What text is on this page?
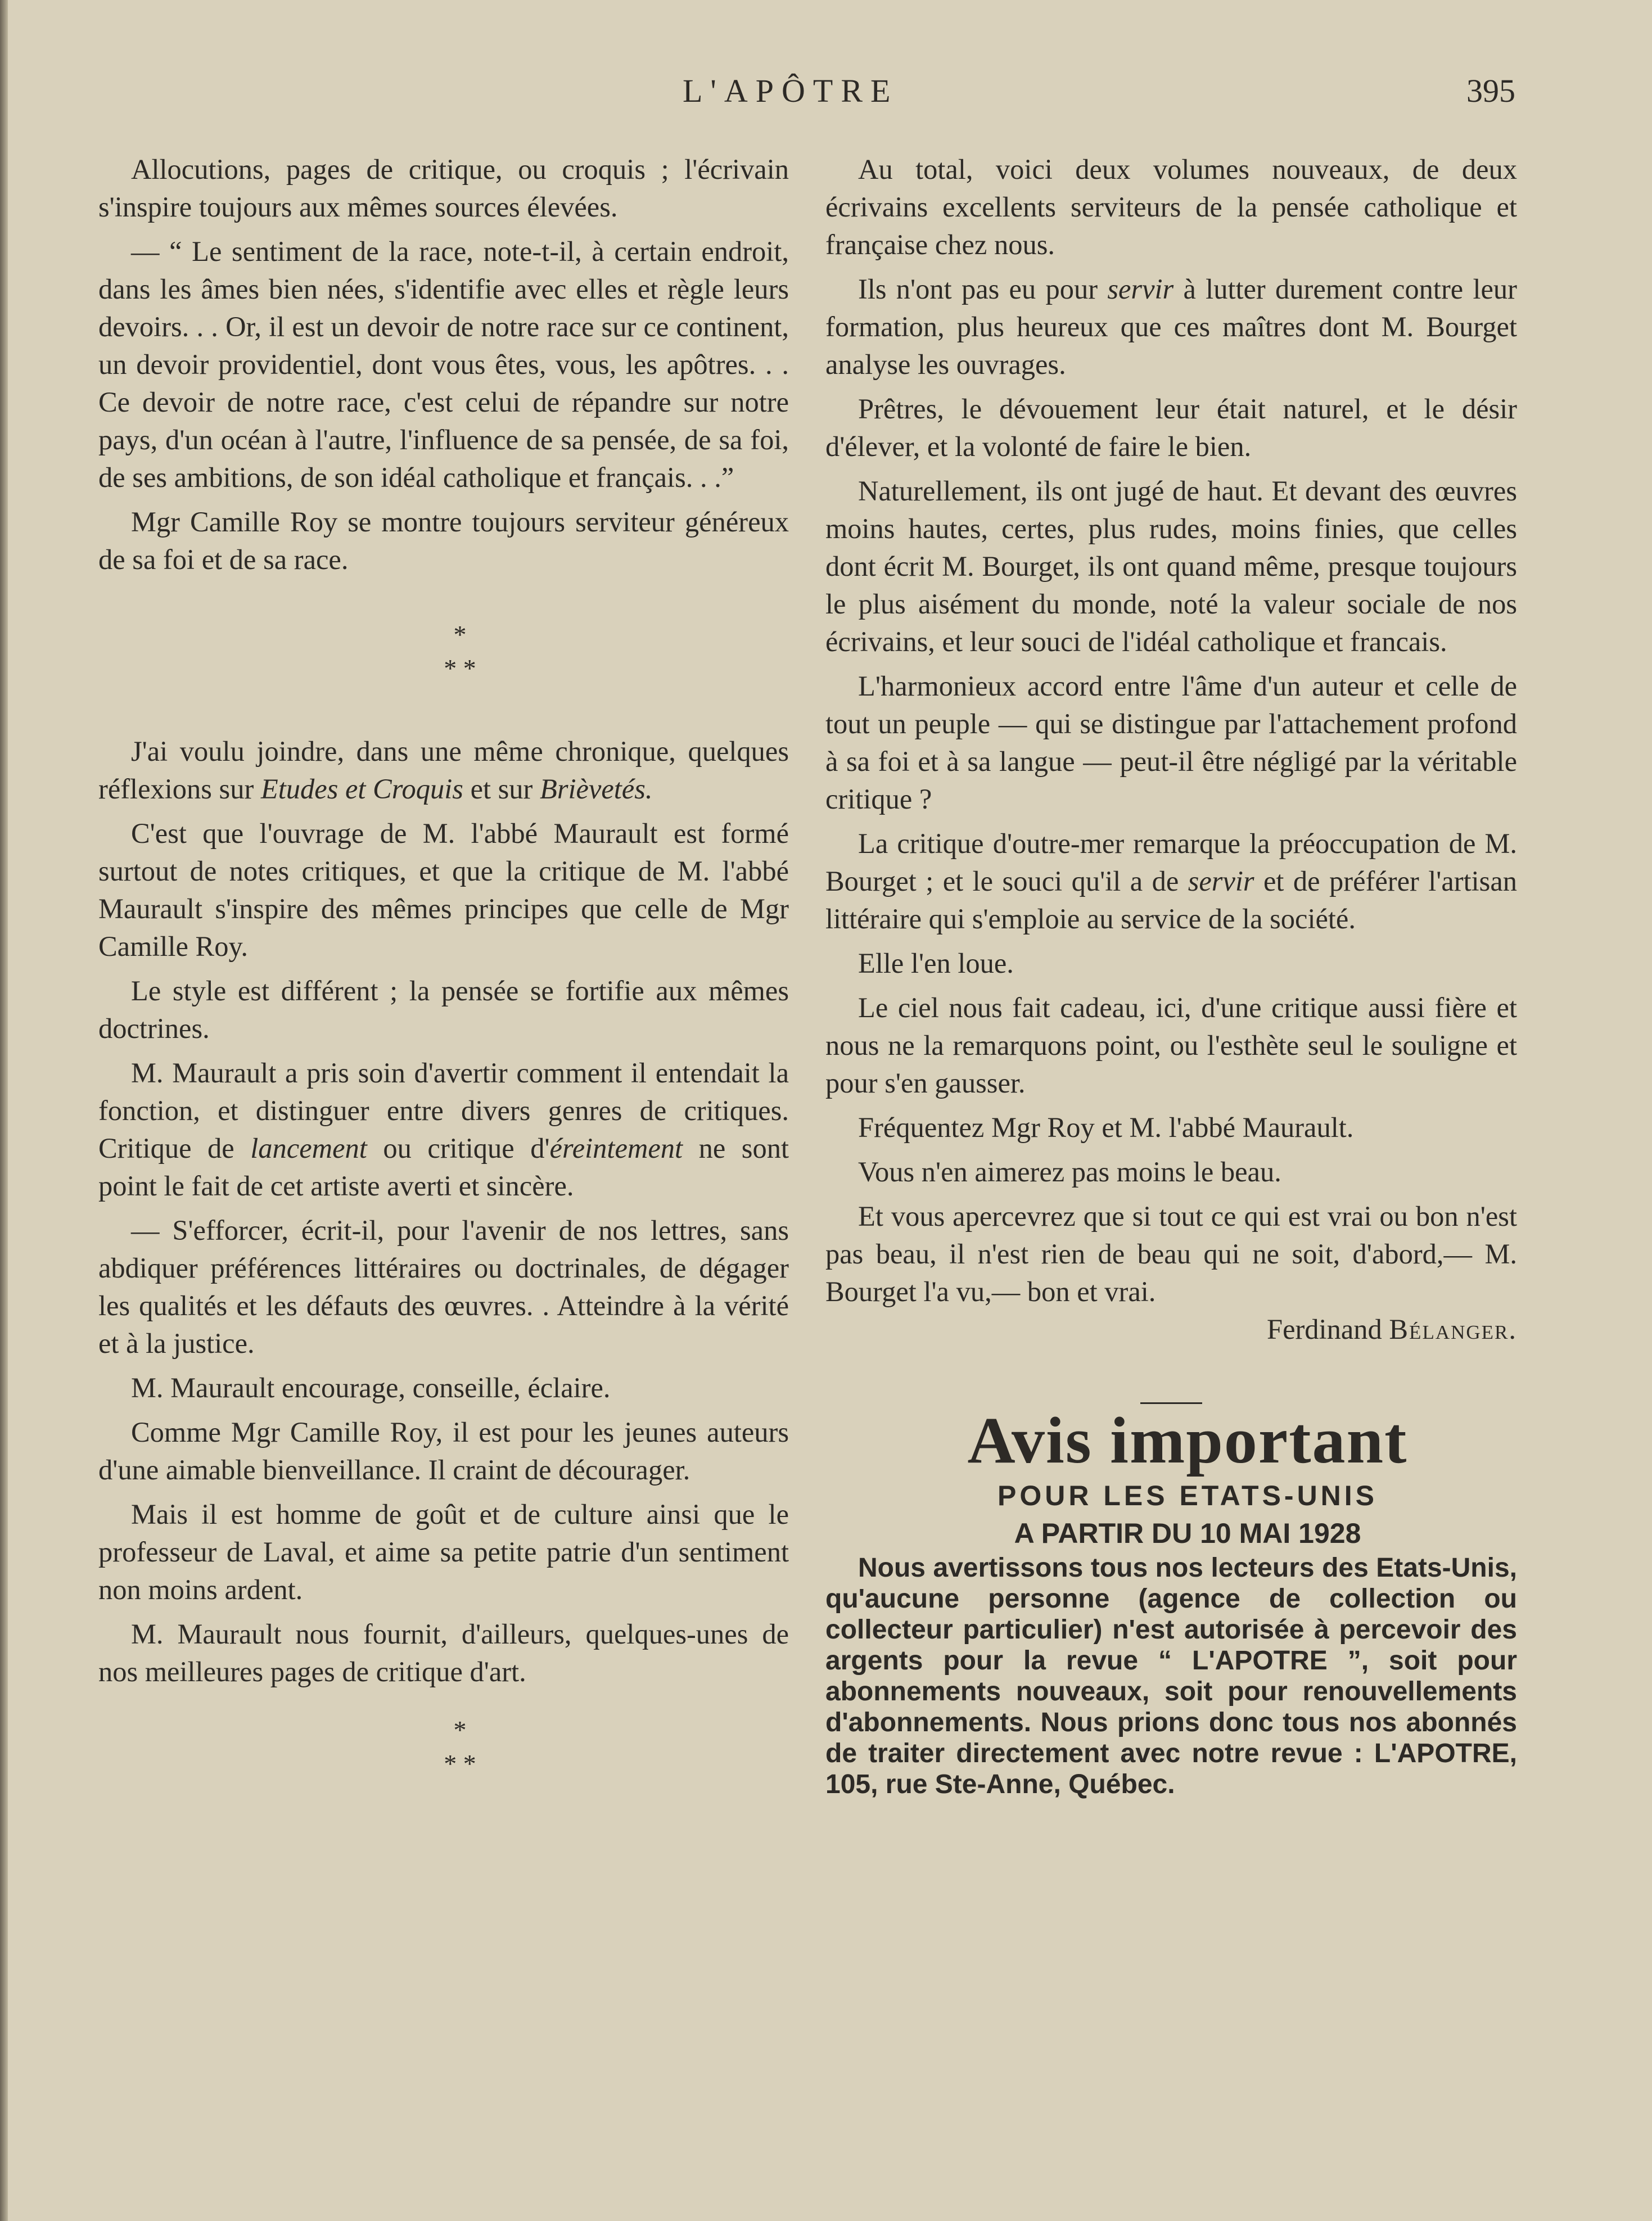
L'APÔTRE	395

Allocutions, pages de critique, ou croquis ; l'écrivain s'inspire toujours aux mêmes sources élevées.

— “ Le sentiment de la race, note-t-il, à certain endroit, dans les âmes bien nées, s'identifie avec elles et règle leurs devoirs. . . Or, il est un devoir de notre race sur ce continent, un devoir providentiel, dont vous êtes, vous, les apôtres. . . Ce devoir de notre race, c'est celui de répandre sur notre pays, d'un océan à l'autre, l'influence de sa pensée, de sa foi, de ses ambitions, de son idéal catholique et français. . .”

Mgr Camille Roy se montre toujours serviteur généreux de sa foi et de sa race.

*

* *

J'ai voulu joindre, dans une même chronique, quelques réflexions sur Etudes et Croquis et sur Brièvetés.

C'est que l'ouvrage de M. l'abbé Maurault est formé surtout de notes critiques, et que la critique de M. l'abbé Maurault s'inspire des mêmes principes que celle de Mgr Camille Roy.

Le style est différent ; la pensée se fortifie aux mêmes doctrines.

M. Maurault a pris soin d'avertir comment il entendait la fonction, et distinguer entre divers genres de critiques. Critique de lancement ou critique d'éreintement ne sont point le fait de cet artiste averti et sincère.

— S'efforcer, écrit-il, pour l'avenir de nos lettres, sans abdiquer préférences littéraires ou doctrinales, de dégager les qualités et les défauts des œuvres. . Atteindre à la vérité et à la justice.

M. Maurault encourage, conseille, éclaire.

Comme Mgr Camille Roy, il est pour les jeunes auteurs d'une aimable bienveillance. Il craint de décourager.

Mais il est homme de goût et de culture ainsi que le professeur de Laval, et aime sa petite patrie d'un sentiment non moins ardent.

M. Maurault nous fournit, d'ailleurs, quelques-unes de nos meilleures pages de critique d'art.

*

* *

Au total, voici deux volumes nouveaux, de deux écrivains excellents serviteurs de la pensée catholique et française chez nous.

Ils n'ont pas eu pour servir à lutter durement contre leur formation, plus heureux que ces maîtres dont M. Bourget analyse les ouvrages.

Prêtres, le dévouement leur était naturel, et le désir d'élever, et la volonté de faire le bien.

Naturellement, ils ont jugé de haut. Et devant des œuvres moins hautes, certes, plus rudes, moins finies, que celles dont écrit M. Bourget, ils ont quand même, presque toujours le plus aisément du monde, noté la valeur sociale de nos écrivains, et leur souci de l'idéal catholique et francais.

L'harmonieux accord entre l'âme d'un auteur et celle de tout un peuple — qui se distingue par l'attachement profond à sa foi et à sa langue — peut-il être négligé par la véritable critique ?

La critique d'outre-mer remarque la préoccupation de M. Bourget ; et le souci qu'il a de servir et de préférer l'artisan littéraire qui s'emploie au service de la société.

Elle l'en loue.

Le ciel nous fait cadeau, ici, d'une critique aussi fière et nous ne la remarquons point, ou l'esthète seul le souligne et pour s'en gausser.

Fréquentez Mgr Roy et M. l'abbé Maurault.

Vous n'en aimerez pas moins le beau.

Et vous apercevrez que si tout ce qui est vrai ou bon n'est pas beau, il n'est rien de beau qui ne soit, d'abord,— M. Bourget l'a vu,— bon et vrai.

Ferdinand Bélanger.

Avis important

POUR LES ETATS-UNIS

A PARTIR DU 10 MAI 1928

Nous avertissons tous nos lecteurs des Etats-Unis, qu'aucune personne (agence de collection ou collecteur particulier) n'est autorisée à percevoir des argents pour la revue “ L'APOTRE ”, soit pour abonnements nouveaux, soit pour renouvellements d'abonnements. Nous prions donc tous nos abonnés de traiter directement avec notre revue : L'APOTRE, 105, rue Ste-Anne, Québec.
